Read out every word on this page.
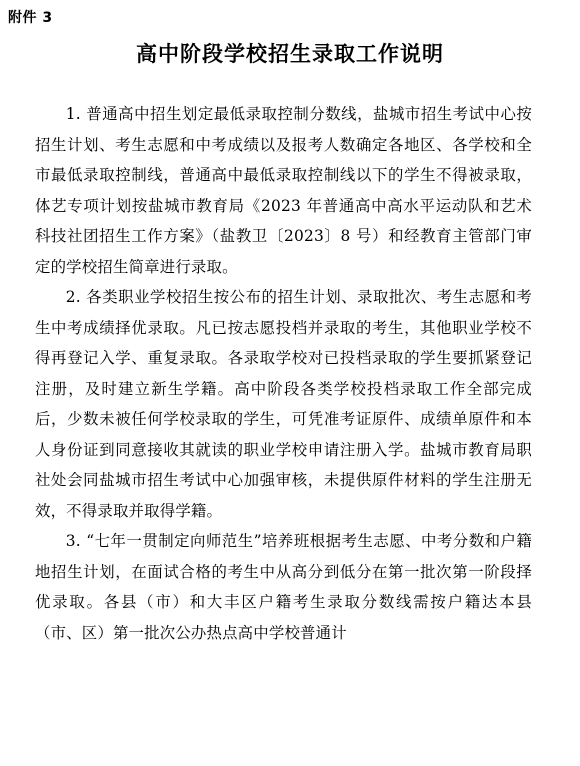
附件 3
高中阶段学校招生录取工作说明

1. 普通高中招生划定最低录取控制分数线，盐城市招生考试中心按招生计划、考生志愿和中考成绩以及报考人数确定各地区、各学校和全市最低录取控制线，普通高中最低录取控制线以下的学生不得被录取，体艺专项计划按盐城市教育局《2023 年普通高中高水平运动队和艺术科技社团招生工作方案》（盐教卫〔2023〕8 号）和经教育主管部门审定的学校招生简章进行录取。

2. 各类职业学校招生按公布的招生计划、录取批次、考生志愿和考生中考成绩择优录取。凡已按志愿投档并录取的考生，其他职业学校不得再登记入学、重复录取。各录取学校对已投档录取的学生要抓紧登记注册，及时建立新生学籍。高中阶段各类学校投档录取工作全部完成后，少数未被任何学校录取的学生，可凭准考证原件、成绩单原件和本人身份证到同意接收其就读的职业学校申请注册入学。盐城市教育局职社处会同盐城市招生考试中心加强审核，未提供原件材料的学生注册无效，不得录取并取得学籍。

3. “七年一贯制定向师范生”培养班根据考生志愿、中考分数和户籍地招生计划，在面试合格的考生中从高分到低分在第一批次第一阶段择优录取。各县（市）和大丰区户籍考生录取分数线需按户籍达本县（市、区）第一批次公办热点高中学校普通计
